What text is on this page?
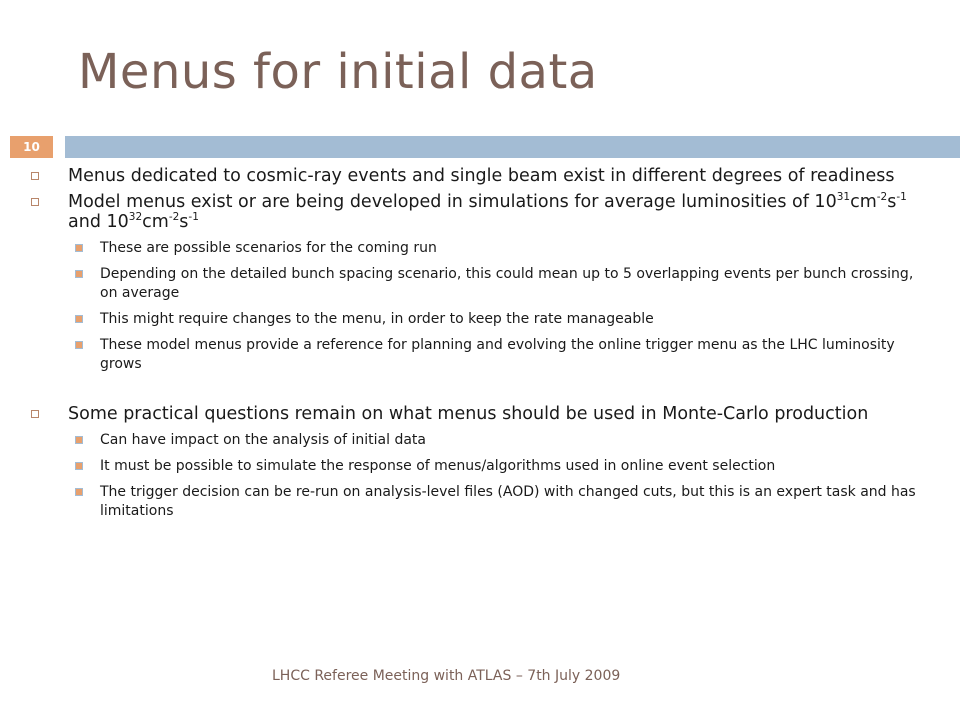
Menus for initial data
10
Menus dedicated to cosmic-ray events and single beam exist in different degrees of readiness
Model menus exist or are being developed in simulations for average luminosities of $10^{31}cm^{-2}s^{-1}$ and $10^{32}cm^{-2}s^{-1}$
These are possible scenarios for the coming run
Depending on the detailed bunch spacing scenario, this could mean up to 5 overlapping events per bunch crossing, on average
This might require changes to the menu, in order to keep the rate manageable
These model menus provide a reference for planning and evolving the online trigger menu as the LHC luminosity grows
Some practical questions remain on what menus should be used in Monte-Carlo production
Can have impact on the analysis of initial data
It must be possible to simulate the response of menus/algorithms used in online event selection
The trigger decision can be re-run on analysis-level files (AOD) with changed cuts, but this is an expert task and has limitations
LHCC Referee Meeting with ATLAS – 7th July 2009
